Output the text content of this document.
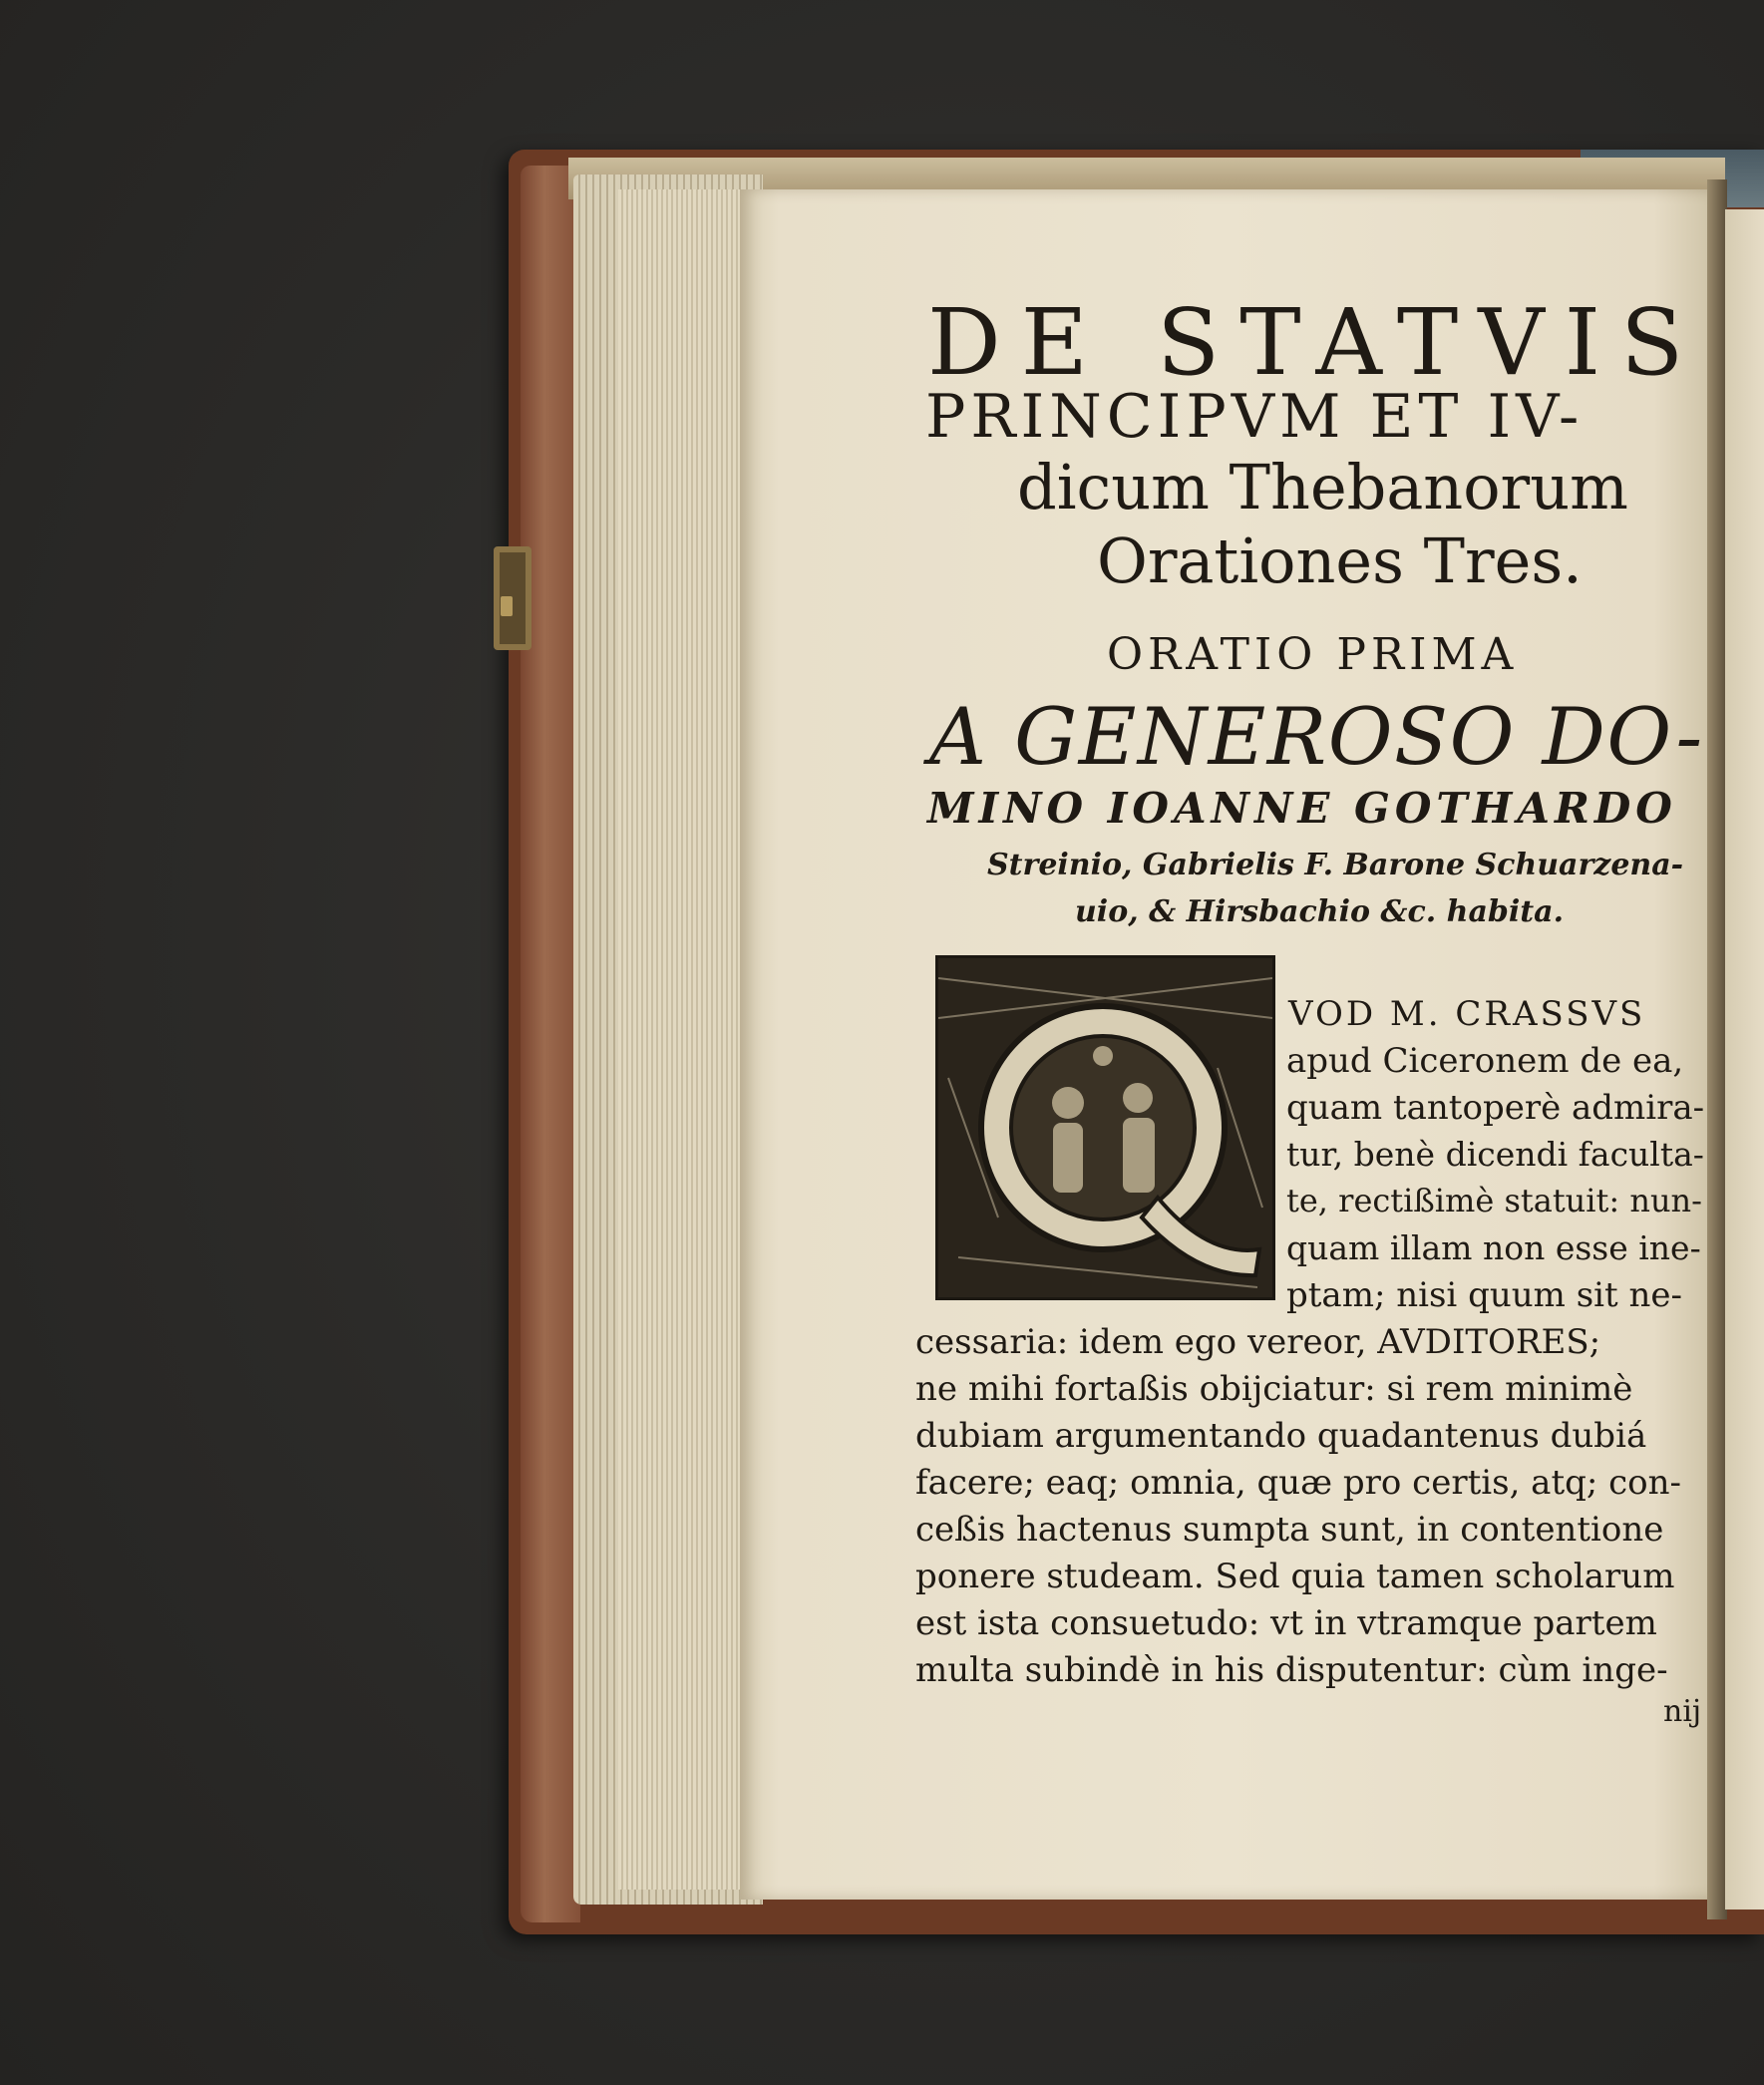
DE STATVIS
PRINCIPVM ET IV-
dicum Thebanorum
Orationes Tres.
ORATIO PRIMA
A GENEROSO DO-
MINO IOANNE GOTHARDO
Streinio, Gabrielis F. Barone Schuarzena-
uio, & Hirsbachio &c. habita.
VOD M. CRASSVS
apud Ciceronem de ea,
quam tantoperè admira-
tur, benè dicendi faculta-
te, rectißimè statuit: nun-
quam illam non esse ine-
ptam; nisi quum sit ne-
cessaria: idem ego vereor, AVDITORES;
ne mihi fortaßis obijciatur: si rem minimè
dubiam argumentando quadantenus dubiá
facere; eaq; omnia, quæ pro certis, atq; con-
ceßis hactenus sumpta sunt, in contentione
ponere studeam. Sed quia tamen scholarum
est ista consuetudo: vt in vtramque partem
multa subindè in his disputentur: cùm inge-
nij
